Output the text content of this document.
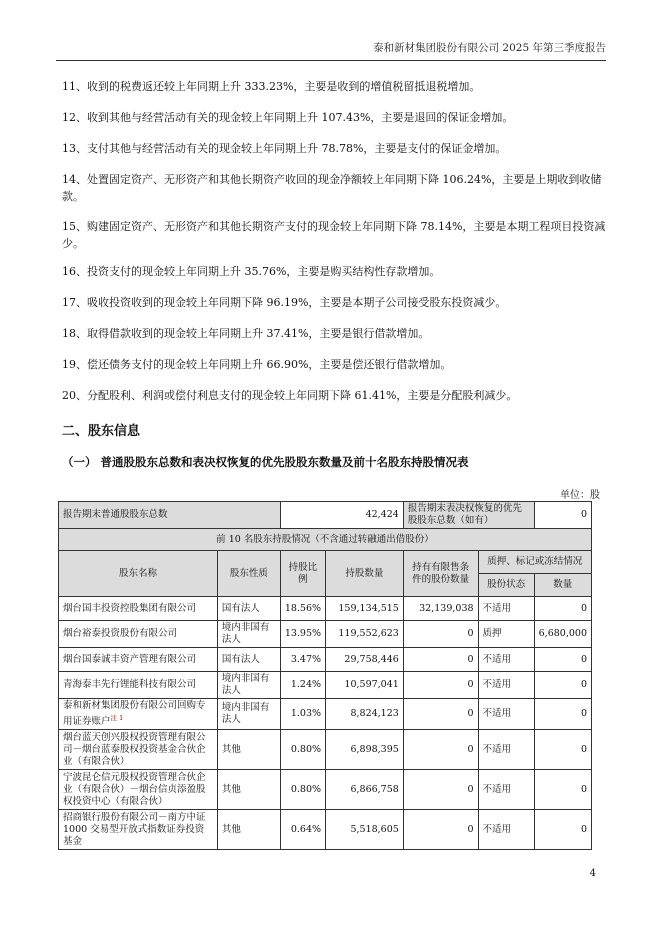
泰和新材集团股份有限公司 2025 年第三季度报告
11、收到的税费返还较上年同期上升 333.23%，主要是收到的增值税留抵退税增加。
12、收到其他与经营活动有关的现金较上年同期上升 107.43%，主要是退回的保证金增加。
13、支付其他与经营活动有关的现金较上年同期上升 78.78%，主要是支付的保证金增加。
14、处置固定资产、无形资产和其他长期资产收回的现金净额较上年同期下降 106.24%，主要是上期收到收储款。
15、购建固定资产、无形资产和其他长期资产支付的现金较上年同期下降 78.14%，主要是本期工程项目投资减少。
16、投资支付的现金较上年同期上升 35.76%，主要是购买结构性存款增加。
17、吸收投资收到的现金较上年同期下降 96.19%，主要是本期子公司接受股东投资减少。
18、取得借款收到的现金较上年同期上升 37.41%，主要是银行借款增加。
19、偿还债务支付的现金较上年同期上升 66.90%，主要是偿还银行借款增加。
20、分配股利、利润或偿付利息支付的现金较上年同期下降 61.41%，主要是分配股利减少。
二、股东信息
（一） 普通股股东总数和表决权恢复的优先股股东数量及前十名股东持股情况表
单位：股
报告期末普通股股东总数		42,424		报告期末表决权恢复的优先股股东总数（如有）		0
前 10 名股东持股情况（不含通过转融通出借股份）						
股东名称	股东性质	持股比例	持股数量	持有有限售条件的股份数量	质押、标记或冻结情况	
					股份状态	数量
烟台国丰投资控股集团有限公司	国有法人	18.56%	159,134,515	32,139,038	不适用	0
烟台裕泰投资股份有限公司	境内非国有法人	13.95%	119,552,623	0	质押	6,680,000
烟台国泰诚丰资产管理有限公司	国有法人	3.47%	29,758,446	0	不适用	0
青海泰丰先行锂能科技有限公司	境内非国有法人	1.24%	10,597,041	0	不适用	0
泰和新材集团股份有限公司回购专用证券账户$^{注 1}$	境内非国有法人	1.03%	8,824,123	0	不适用	0
烟台蓝天创兴股权投资管理有限公司－烟台蓝泰股权投资基金合伙企业（有限合伙）	其他	0.80%	6,898,395	0	不适用	0
宁波昆仑信元股权投资管理合伙企业（有限合伙）－烟台信贞添盈股权投资中心（有限合伙）	其他	0.80%	6,866,758	0	不适用	0
招商银行股份有限公司－南方中证 1000 交易型开放式指数证券投资基金	其他	0.64%	5,518,605	0	不适用	0
4
